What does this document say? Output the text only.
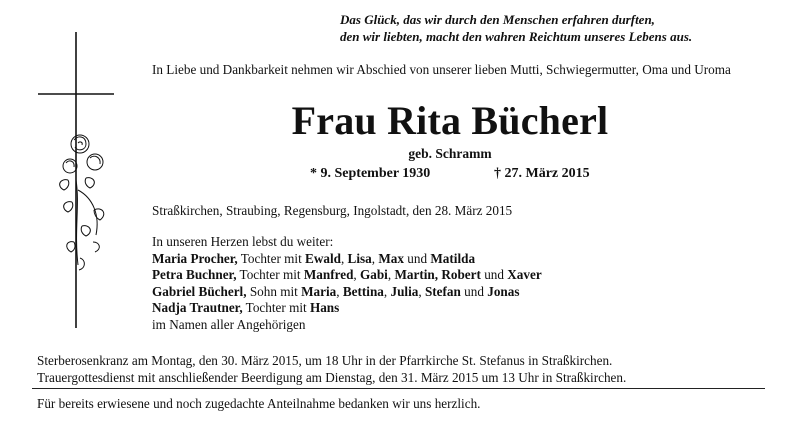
Das Glück, das wir durch den Menschen erfahren durften,
den wir liebten, macht den wahren Reichtum unseres Lebens aus.
In Liebe und Dankbarkeit nehmen wir Abschied von unserer lieben Mutti, Schwiegermutter, Oma und Uroma
Frau Rita Bücherl
geb. Schramm
* 9. September 1930	† 27. März 2015
Straßkirchen, Straubing, Regensburg, Ingolstadt, den 28. März 2015
In unseren Herzen lebst du weiter:
Maria Procher, Tochter mit Ewald, Lisa, Max und Matilda
Petra Buchner, Tochter mit Manfred, Gabi, Martin, Robert und Xaver
Gabriel Bücherl, Sohn mit Maria, Bettina, Julia, Stefan und Jonas
Nadja Trautner, Tochter mit Hans
im Namen aller Angehörigen
Sterberosenkranz am Montag, den 30. März 2015, um 18 Uhr in der Pfarrkirche St. Stefanus in Straßkirchen.
Trauergottesdienst mit anschließender Beerdigung am Dienstag, den 31. März 2015 um 13 Uhr in Straßkirchen.
Für bereits erwiesene und noch zugedachte Anteilnahme bedanken wir uns herzlich.
